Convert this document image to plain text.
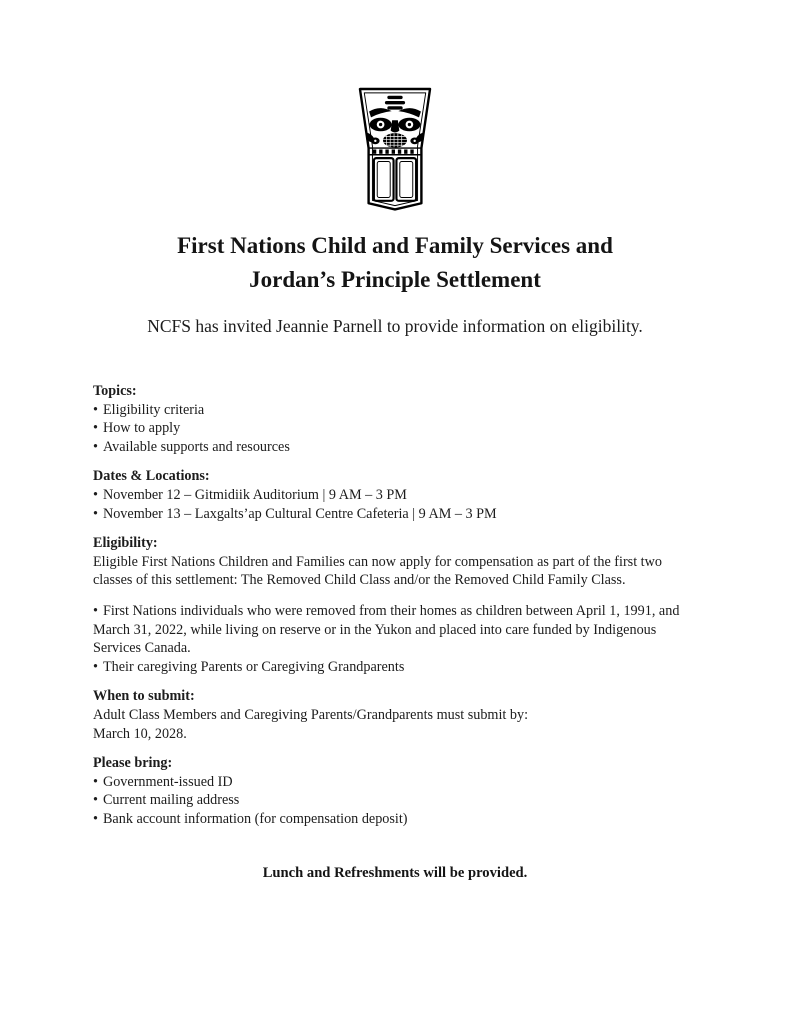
First Nations Child and Family Services and
Jordan’s Principle Settlement
NCFS has invited Jeannie Parnell to provide information on eligibility.
Topics:
• Eligibility criteria
• How to apply
• Available supports and resources
Dates & Locations:
• November 12 – Gitmidiik Auditorium | 9 AM – 3 PM
• November 13 – Laxgalts’ap Cultural Centre Cafeteria | 9 AM – 3 PM
Eligibility:
Eligible First Nations Children and Families can now apply for compensation as part of the first two classes of this settlement: The Removed Child Class and/or the Removed Child Family Class.
• First Nations individuals who were removed from their homes as children between April 1, 1991, and March 31, 2022, while living on reserve or in the Yukon and placed into care funded by Indigenous Services Canada.
• Their caregiving Parents or Caregiving Grandparents
When to submit:
Adult Class Members and Caregiving Parents/Grandparents must submit by:
March 10, 2028.
Please bring:
• Government-issued ID
• Current mailing address
• Bank account information (for compensation deposit)
Lunch and Refreshments will be provided.
